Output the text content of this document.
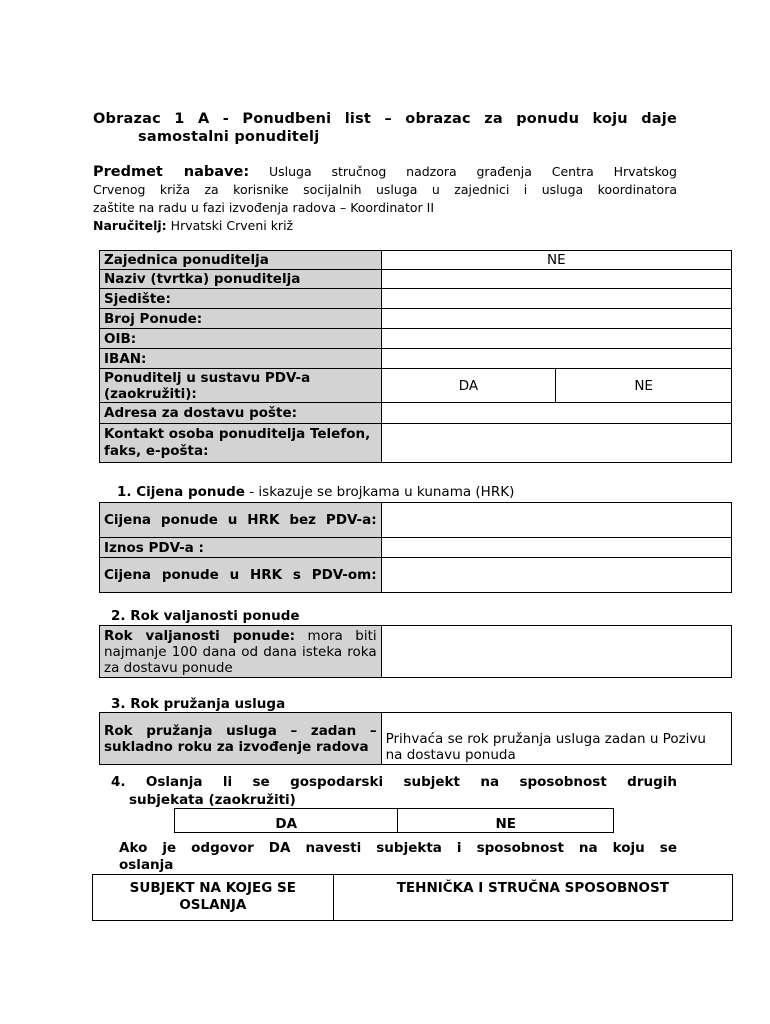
Obrazac 1 A - Ponudbeni list – obrazac za ponudu koju daje
samostalni ponuditelj
Predmet nabave: Usluga stručnog nadzora građenja Centra Hrvatskog
Crvenog križa za korisnike socijalnih usluga u zajednici i usluga koordinatora
zaštite na radu u fazi izvođenja radova – Koordinator II
Naručitelj: Hrvatski Crveni križ
Zajednica ponuditelja	NE	
Naziv (tvrtka) ponuditelja		
Sjedište:		
Broj Ponude:		
OIB:		
IBAN:		
Ponuditelj u sustavu PDV-a (zaokružiti):	DA	NE
Adresa za dostavu pošte:		
Kontakt osoba ponuditelja Telefon, faks, e-pošta:		
1. Cijena ponude - iskazuje se brojkama u kunama (HRK)
Cijena ponude u HRK bez PDV-a:	
Iznos PDV-a :	
Cijena ponude u HRK s PDV-om:	
2. Rok valjanosti ponude
Rok valjanosti ponude: mora biti najmanje 100 dana od dana isteka roka za dostavu ponude	
3. Rok pružanja usluga
Rok pružanja usluga – zadan – sukladno roku za izvođenje radova	Prihvaća se rok pružanja usluga zadan u Pozivu na dostavu ponuda
4. Oslanja li se gospodarski subjekt na sposobnost drugih
subjekata (zaokružiti)
DA	NE
Ako je odgovor DA navesti subjekta i sposobnost na koju se
oslanja
SUBJEKT NA KOJEG SE OSLANJA	TEHNIČKA I STRUČNA SPOSOBNOST
